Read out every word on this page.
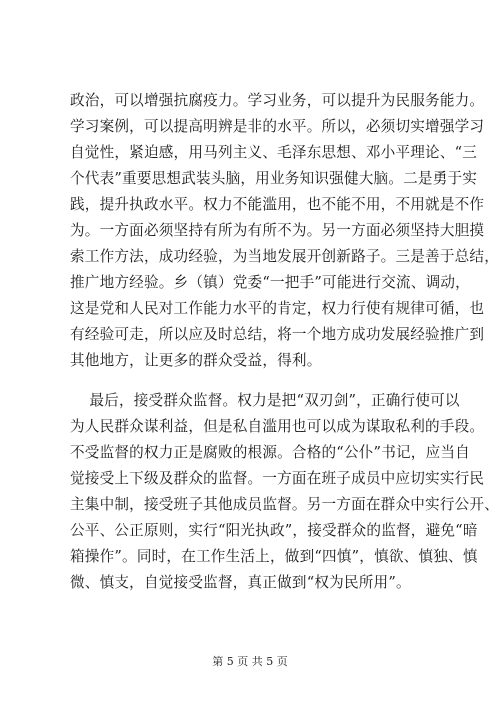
政治，可以增强抗腐疫力。学习业务，可以提升为民服务能力。
学习案例，可以提高明辨是非的水平。所以，必须切实增强学习
自觉性，紧迫感，用马列主义、毛泽东思想、邓小平理论、“三
个代表”重要思想武装头脑，用业务知识强健大脑。二是勇于实
践，提升执政水平。权力不能滥用，也不能不用，不用就是不作
为。一方面必须坚持有所为有所不为。另一方面必须坚持大胆摸
索工作方法，成功经验，为当地发展开创新路子。三是善于总结，
推广地方经验。乡（镇）党委“一把手”可能进行交流、调动，
这是党和人民对工作能力水平的肯定，权力行使有规律可循，也
有经验可走，所以应及时总结，将一个地方成功发展经验推广到
其他地方，让更多的群众受益，得利。
最后，接受群众监督。权力是把“双刃剑”，正确行使可以
为人民群众谋利益，但是私自滥用也可以成为谋取私利的手段。
不受监督的权力正是腐败的根源。合格的“公仆”书记，应当自
觉接受上下级及群众的监督。一方面在班子成员中应切实实行民
主集中制，接受班子其他成员监督。另一方面在群众中实行公开、
公平、公正原则，实行“阳光执政”，接受群众的监督，避免“暗
箱操作”。同时，在工作生活上，做到“四慎”，慎欲、慎独、慎
微、慎支，自觉接受监督，真正做到“权为民所用”。
第 5 页 共 5 页
